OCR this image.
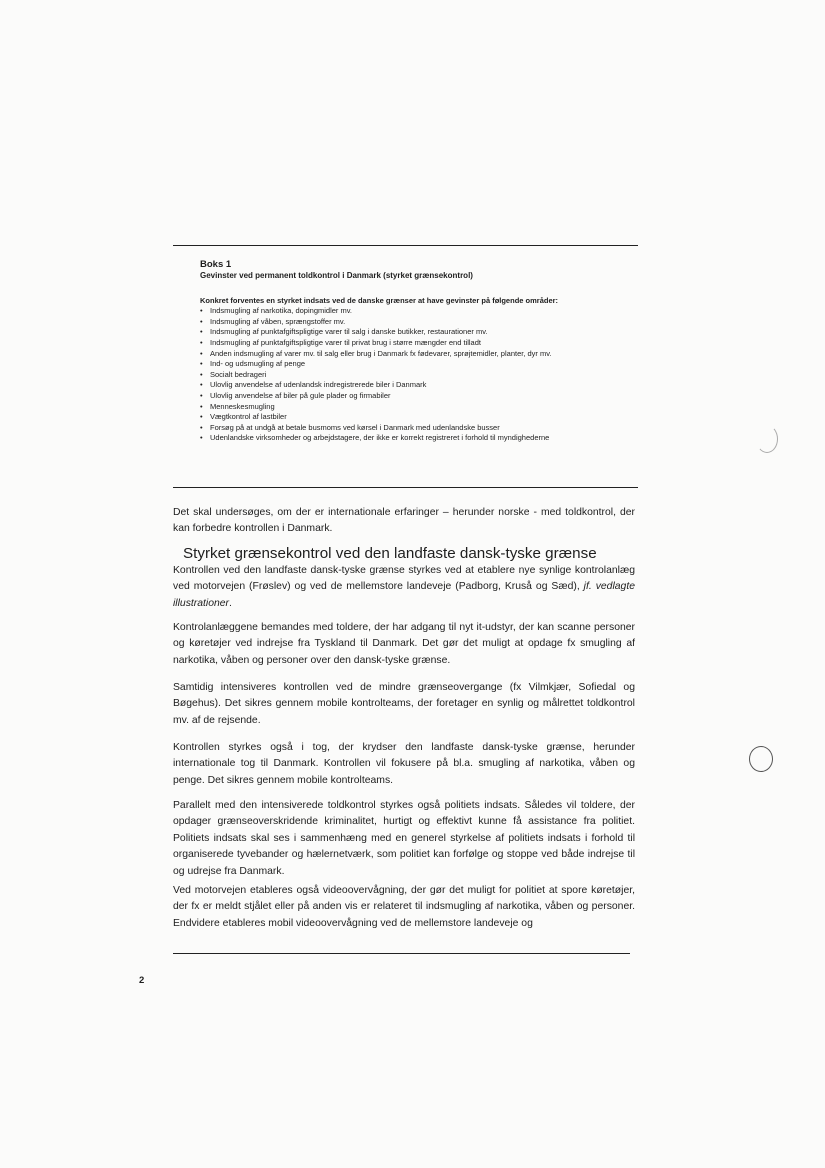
Boks 1
Gevinster ved permanent toldkontrol i Danmark (styrket grænsekontrol)
Konkret forventes en styrket indsats ved de danske grænser at have gevinster på følgende områder:
• Indsmugling af narkotika, dopingmidler mv.
• Indsmugling af våben, sprængstoffer mv.
• Indsmugling af punktafgiftspligtige varer til salg i danske butikker, restaurationer mv.
• Indsmugling af punktafgiftspligtige varer til privat brug i større mængder end tilladt
• Anden indsmugling af varer mv. til salg eller brug i Danmark fx fødevarer, sprøjtemidler, planter, dyr mv.
• Ind- og udsmugling af penge
• Socialt bedrageri
• Ulovlig anvendelse af udenlandsk indregistrerede biler i Danmark
• Ulovlig anvendelse af biler på gule plader og firmabiler
• Menneskesmugling
• Vægtkontrol af lastbiler
• Forsøg på at undgå at betale busmoms ved kørsel i Danmark med udenlandske busser
• Udenlandske virksomheder og arbejdstagere, der ikke er korrekt registreret i forhold til myndighederne

Det skal undersøges, om der er internationale erfaringer – herunder norske - med toldkontrol, der kan forbedre kontrollen i Danmark.

Styrket grænsekontrol ved den landfaste dansk-tyske grænse

Kontrollen ved den landfaste dansk-tyske grænse styrkes ved at etablere nye synlige kontrolanlæg ved motorvejen (Frøslev) og ved de mellemstore landeveje (Padborg, Kruså og Sæd), jf. vedlagte illustrationer.

Kontrolanlæggene bemandes med toldere, der har adgang til nyt it-udstyr, der kan scanne personer og køretøjer ved indrejse fra Tyskland til Danmark. Det gør det muligt at opdage fx smugling af narkotika, våben og personer over den dansk-tyske grænse.

Samtidig intensiveres kontrollen ved de mindre grænseovergange (fx Vilmkjær, Sofiedal og Bøgehus). Det sikres gennem mobile kontrolteams, der foretager en synlig og målrettet toldkontrol mv. af de rejsende.

Kontrollen styrkes også i tog, der krydser den landfaste dansk-tyske grænse, herunder internationale tog til Danmark. Kontrollen vil fokusere på bl.a. smugling af narkotika, våben og penge. Det sikres gennem mobile kontrolteams.

Parallelt med den intensiverede toldkontrol styrkes også politiets indsats. Således vil toldere, der opdager grænseoverskridende kriminalitet, hurtigt og effektivt kunne få assistance fra politiet. Politiets indsats skal ses i sammenhæng med en generel styrkelse af politiets indsats i forhold til organiserede tyvebander og hælernetværk, som politiet kan forfølge og stoppe ved både indrejse til og udrejse fra Danmark.

Ved motorvejen etableres også videoovervågning, der gør det muligt for politiet at spore køretøjer, der fx er meldt stjålet eller på anden vis er relateret til indsmugling af narkotika, våben og personer. Endvidere etableres mobil videoovervågning ved de mellemstore landeveje og

2
